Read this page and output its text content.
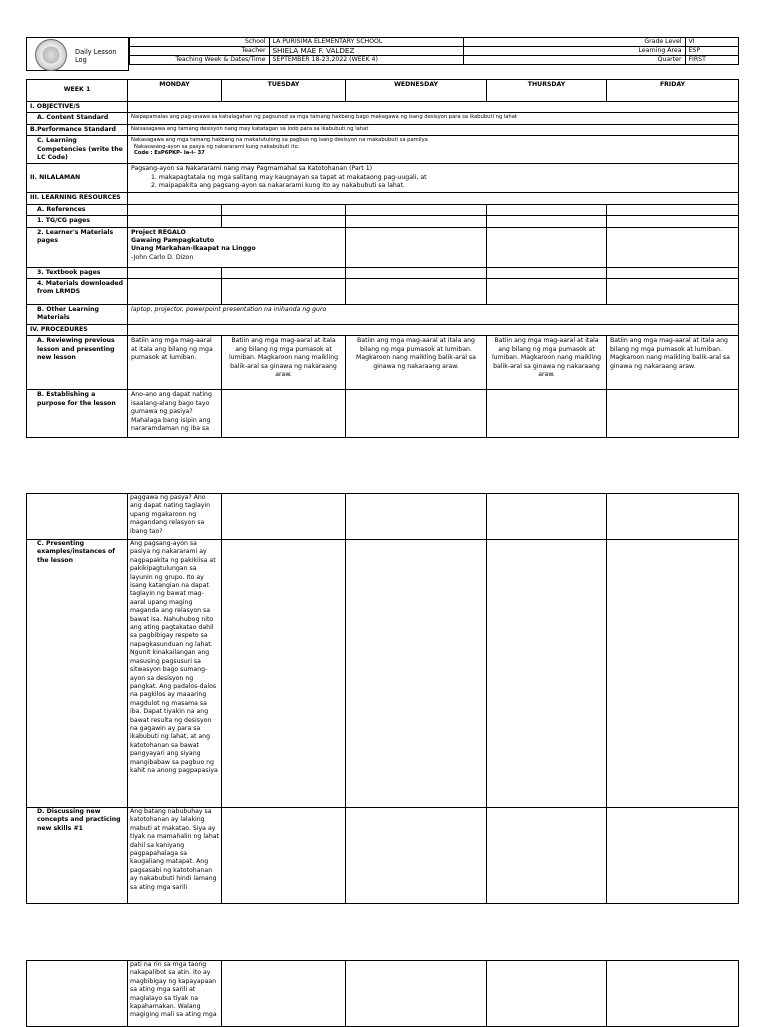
Daily Lesson Log
	School	LA PURISIMA ELEMENTARY SCHOOL	Grade Level	VI
	Teacher	SHIELA MAE F. VALDEZ	Learning Area	ESP
	Teaching Week & Dates/Time	SEPTEMBER 18-23,2022 (WEEK 4)	Quarter	FIRST
WEEK 1	MONDAY	TUESDAY	WEDNESDAY	THURSDAY	FRIDAY
I. OBJECTIVE/S					
A. Content Standard	Naipapamalas ang pag-unawa sa kahalagahan ng pagsunod sa mga tamang hakbang bago makagawa ng isang desisyon para sa ikabubuti ng lahat				
B.Performance Standard	Naisasagawa ang tamang desisyon nang may katatagan sa loob para sa ikabubuti ng lahat				
C. Learning Competencies (write the LC Code)	Nakasagawa ang mga tamang hakbang na makatutulong sa pagbuo ng isang desisyon na makabubuti sa pamilya
Nakasasang-ayon sa pasya ng nakararami kung nakabubuti ito.
Code : EsP6PKP- Ia-i– 37				

II. NILALAMAN	Pagsang-ayon sa Nakararami nang may Pagmamahal sa Katotohanan (Part 1)
1. makapagtatala ng mga salitang may kaugnayan sa tapat at makataong pag-uugali, at
2. maipapakita ang pagsang-ayon sa nakararami kung ito ay nakabubuti sa lahat.				

III. LEARNING RESOURCES					
A. References					
1. TG/CG pages					
2. Learner's Materials pages	Project REGALO
Gawaing Pampagkatuto
Unang Markahan-Ikaapat na Linggo
-John Carlo D. Dizon				

3. Textbook pages					
4. Materials downloaded from LRMDS					
B. Other Learning Materials	laptop, projector, powerpoint presentation na inihanda ng guro				
IV. PROCEDURES					
A. Reviewing previous lesson and presenting new lesson	Batiin ang mga mag-aaral at itala ang bilang ng mga pumasok at lumiban.	Batiin ang mga mag-aaral at itala ang bilang ng mga pumasok at lumiban. Magkaroon nang maikling balik-aral sa ginawa ng nakaraang araw.	Batiin ang mga mag-aaral at itala ang bilang ng mga pumasok at lumiban. Magkaroon nang maikling balik-aral sa ginawa ng nakaraang araw.	Batiin ang mga mag-aaral at itala ang bilang ng mga pumasok at lumiban. Magkaroon nang maikling balik-aral sa ginawa ng nakaraang araw.	Batiin ang mga mag-aaral at itala ang bilang ng mga pumasok at lumiban. Magkaroon nang maikling balik-aral sa ginawa ng nakaraang araw.
B. Establishing a purpose for the lesson	Ano-ano ang dapat nating isaalang-alang bago tayo gumawa ng pasiya? Mahalaga bang isipin ang nararamdaman ng iba sa				
	paggawa ng pasya? Ano ang dapat nating taglayin upang mgakaroon ng magandang relasyon sa ibang tao?				
C. Presenting examples/instances of the lesson	Ang pagsang-ayon sa pasiya ng nakararami ay nagpapakita ng pakikiisa at pakikipagtulungan sa layunin ng grupo. Ito ay isang katangian na dapat taglayin ng bawat mag-aaral upang maging maganda ang relasyon sa bawat isa. Nahuhubog nito ang ating pagtakatao dahil sa pagbibigay respeto sa napagkasunduan ng lahat. Ngunit kinakailangan ang masusing pagsusuri sa sitwasyon bago sumang-ayon sa desisyon ng pangkat. Ang padalos-dalos na pagkilos ay maaaring magdulot ng masama sa iba. Dapat tiyakin na ang bawat resulta ng desisyon na gagawin ay para sa ikabubuti ng lahat, at ang katotohanan sa bawat pangyayari ang siyang mangibabaw sa pagbuo ng kahit na anong pagpapasiya				
D. Discussing new concepts and practicing new skills #1	Ang batang nabubuhay sa katotohanan ay lalaking mabuti at makatao. Siya ay tiyak na mamahalin ng lahat dahil sa kaniyang pagpapahalaga sa kaugaliang matapat. Ang pagsasabi ng katotohanan ay nakabubuti hindi lamang sa ating mga sarili				
	pati na rin sa mga taong nakapalibot sa atin. Ito ay magbibigay ng kapayapaan sa ating mga sarili at maglalayo sa tiyak na kapahamakan. Walang magiging mali sa ating mga				
